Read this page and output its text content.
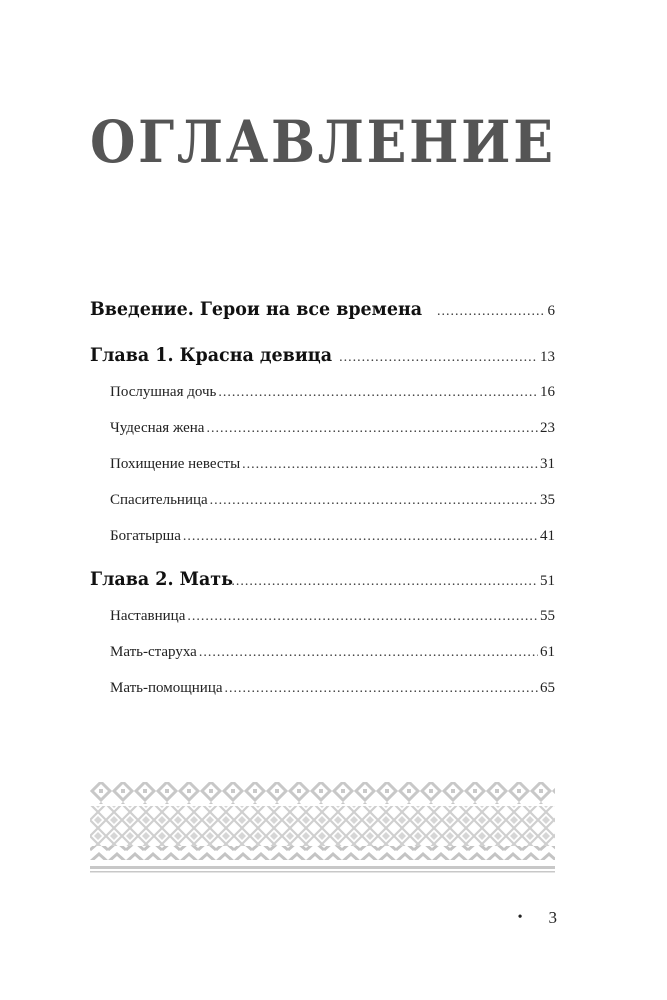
ОГЛАВЛЕНИЕ
Введение. Герои на все времена .....	6
Глава 1. Красна девица .....	13
Послушная дочь .....	16
Чудесная жена .....	23
Похищение невесты .....	31
Спасительница .....	35
Богатырша .....	41
Глава 2. Мать .....	51
Наставница .....	55
Мать-старуха .....	61
Мать-помощница .....	65
• 3
